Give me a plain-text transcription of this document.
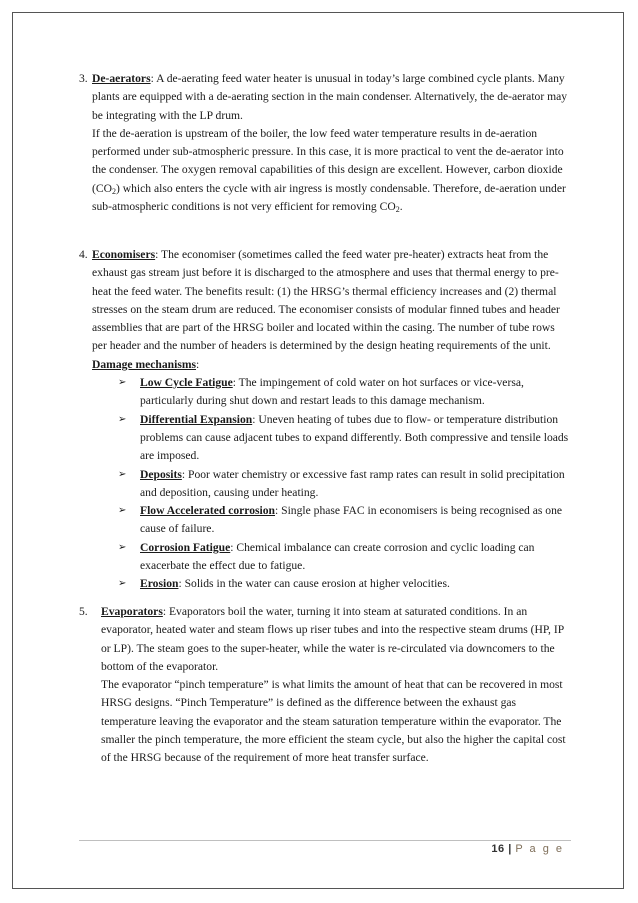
3. De-aerators: A de-aerating feed water heater is unusual in today’s large combined cycle plants. Many plants are equipped with a de-aerating section in the main condenser. Alternatively, the de-aerator may be integrating with the LP drum.

If the de-aeration is upstream of the boiler, the low feed water temperature results in de-aeration performed under sub-atmospheric pressure. In this case, it is more practical to vent the de-aerator into the condenser. The oxygen removal capabilities of this design are excellent. However, carbon dioxide $(CO_2)$ which also enters the cycle with air ingress is mostly condensable. Therefore, de-aeration under sub-atmospheric conditions is not very efficient for removing $CO_2$.

4. Economisers: The economiser (sometimes called the feed water pre-heater) extracts heat from the exhaust gas stream just before it is discharged to the atmosphere and uses that thermal energy to pre-heat the feed water. The benefits result: (1) the HRSG’s thermal efficiency increases and (2) thermal stresses on the steam drum are reduced. The economiser consists of modular finned tubes and header assemblies that are part of the HRSG boiler and located within the casing. The number of tube rows per header and the number of headers is determined by the design heating requirements of the unit.

Damage mechanisms:

➢ Low Cycle Fatigue: The impingement of cold water on hot surfaces or vice-versa, particularly during shut down and restart leads to this damage mechanism.
➢ Differential Expansion: Uneven heating of tubes due to flow- or temperature distribution problems can cause adjacent tubes to expand differently. Both compressive and tensile loads are imposed.
➢ Deposits: Poor water chemistry or excessive fast ramp rates can result in solid precipitation and deposition, causing under heating.
➢ Flow Accelerated corrosion: Single phase FAC in economisers is being recognised as one cause of failure.
➢ Corrosion Fatigue: Chemical imbalance can create corrosion and cyclic loading can exacerbate the effect due to fatigue.
➢ Erosion: Solids in the water can cause erosion at higher velocities.
5. Evaporators: Evaporators boil the water, turning it into steam at saturated conditions. In an evaporator, heated water and steam flows up riser tubes and into the respective steam drums (HP, IP or LP). The steam goes to the super-heater, while the water is re-circulated via downcomers to the bottom of the evaporator.

The evaporator “pinch temperature” is what limits the amount of heat that can be recovered in most HRSG designs. “Pinch Temperature” is defined as the difference between the exhaust gas temperature leaving the evaporator and the steam saturation temperature within the evaporator. The smaller the pinch temperature, the more efficient the steam cycle, but also the higher the capital cost of the HRSG because of the requirement of more heat transfer surface.

16 | P a g e
